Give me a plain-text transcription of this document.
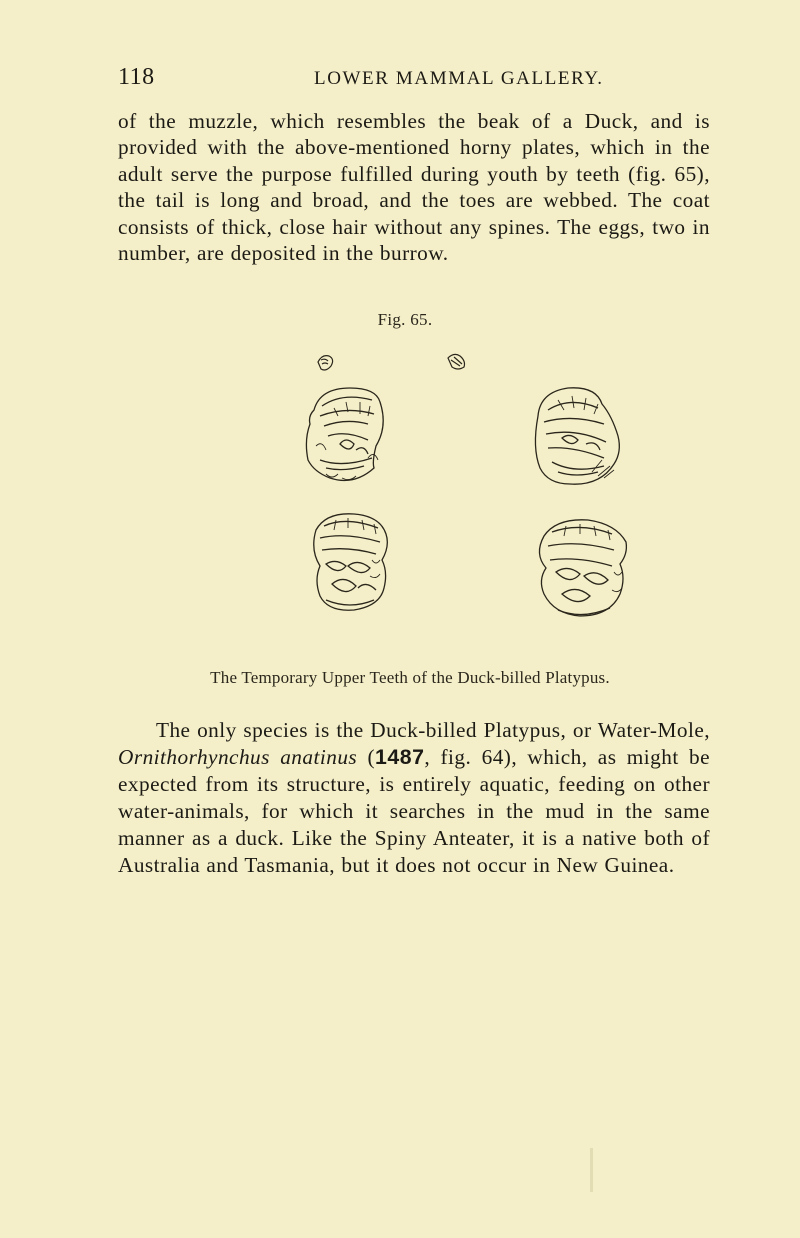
118	LOWER MAMMAL GALLERY.

of the muzzle, which resembles the beak of a Duck, and is provided with the above-mentioned horny plates, which in the adult serve the purpose fulfilled during youth by teeth (fig. 65), the tail is long and broad, and the toes are webbed. The coat consists of thick, close hair without any spines. The eggs, two in number, are deposited in the burrow.

Fig. 65.
The Temporary Upper Teeth of the Duck-billed Platypus.

The only species is the Duck-billed Platypus, or Water-Mole, Ornithorhynchus anatinus (1487, fig. 64), which, as might be expected from its structure, is entirely aquatic, feeding on other water-animals, for which it searches in the mud in the same manner as a duck. Like the Spiny Anteater, it is a native both of Australia and Tasmania, but it does not occur in New Guinea.
